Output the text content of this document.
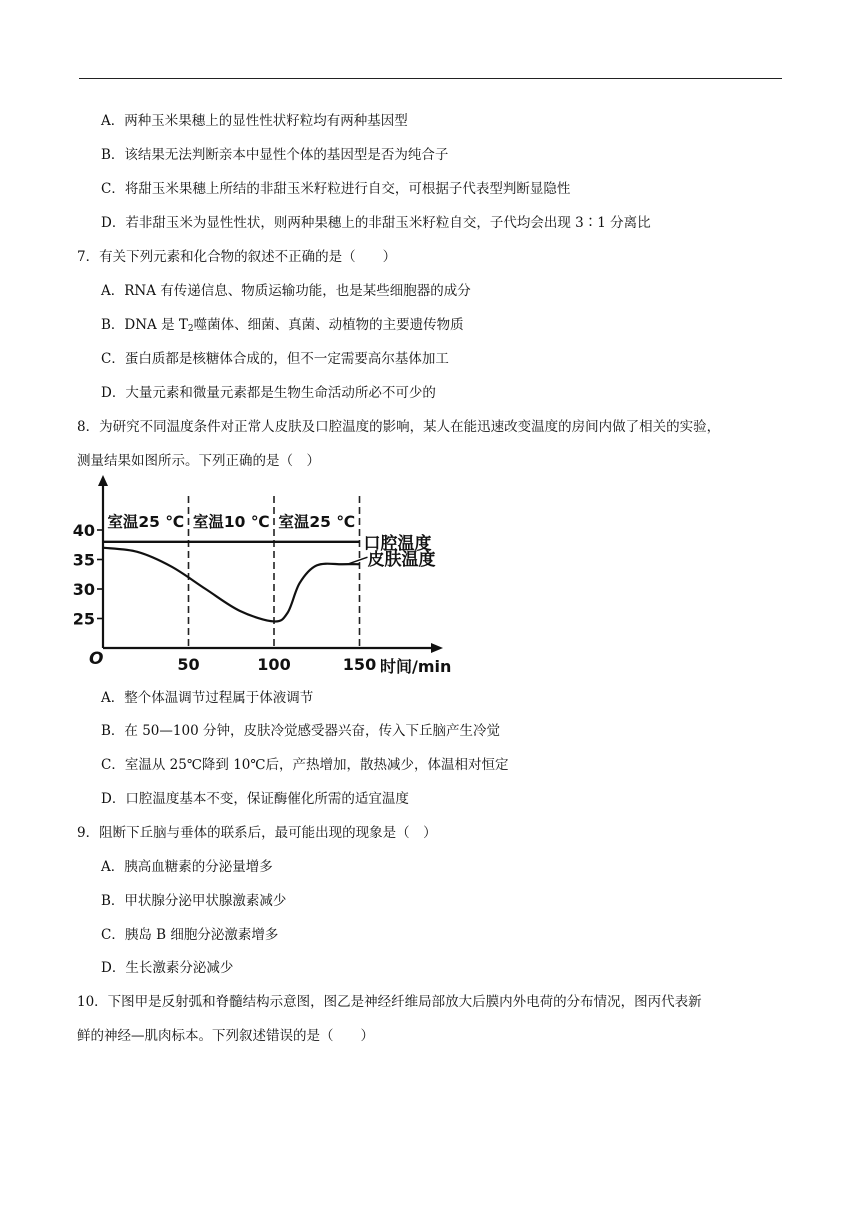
A．两种玉米果穗上的显性性状籽粒均有两种基因型
B．该结果无法判断亲本中显性个体的基因型是否为纯合子
C．将甜玉米果穗上所结的非甜玉米籽粒进行自交，可根据子代表型判断显隐性
D．若非甜玉米为显性性状，则两种果穗上的非甜玉米籽粒自交，子代均会出现 3∶1 分离比
7．有关下列元素和化合物的叙述不正确的是（　　）
A．RNA 有传递信息、物质运输功能，也是某些细胞器的成分
B．DNA 是 $T_2$噬菌体、细菌、真菌、动植物的主要遗传物质
C．蛋白质都是核糖体合成的，但不一定需要高尔基体加工
D．大量元素和微量元素都是生物生命活动所必不可少的
8．为研究不同温度条件对正常人皮肤及口腔温度的影响，某人在能迅速改变温度的房间内做了相关的实验，
测量结果如图所示。下列正确的是（　）
25
30
35
40
50	100	150
O	时间/min
室温25 ℃ 室温10 ℃ 室温25 ℃
口腔温度
皮肤温度
A．整个体温调节过程属于体液调节
B．在 50—100 分钟，皮肤冷觉感受器兴奋，传入下丘脑产生冷觉
C．室温从 25℃降到 10℃后，产热增加，散热减少，体温相对恒定
D．口腔温度基本不变，保证酶催化所需的适宜温度
9．阻断下丘脑与垂体的联系后，最可能出现的现象是（　）
A．胰高血糖素的分泌量增多
B．甲状腺分泌甲状腺激素减少
C．胰岛 B 细胞分泌激素增多
D．生长激素分泌减少
10．下图甲是反射弧和脊髓结构示意图，图乙是神经纤维局部放大后膜内外电荷的分布情况，图丙代表新
鲜的神经—肌肉标本。下列叙述错误的是（　　）
